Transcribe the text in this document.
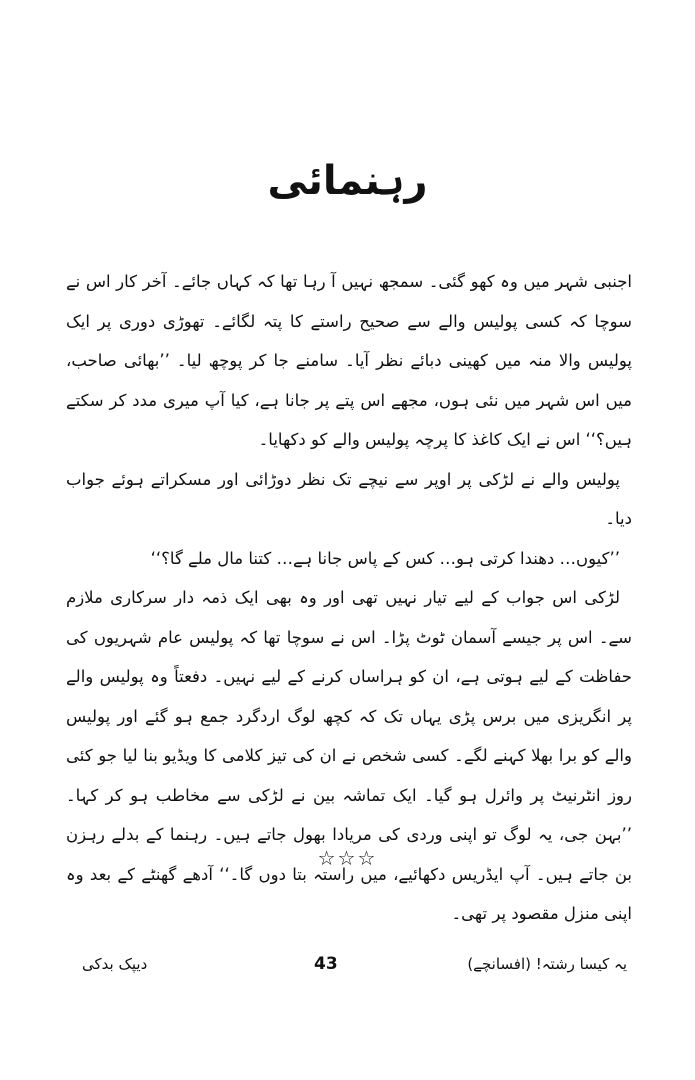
رہنمائی

اجنبی شہر میں وہ کھو گئی۔ سمجھ نہیں آ رہا تھا کہ کہاں جائے۔ آخر کار اس نے سوچا کہ کسی پولیس والے سے صحیح راستے کا پتہ لگائے۔ تھوڑی دوری پر ایک پولیس والا منہ میں کھینی دبائے نظر آیا۔ سامنے جا کر پوچھ لیا۔ ’’بھائی صاحب، میں اس شہر میں نئی ہوں، مجھے اس پتے پر جانا ہے، کیا آپ میری مدد کر سکتے ہیں؟‘‘ اس نے ایک کاغذ کا پرچہ پولیس والے کو دکھایا۔

پولیس والے نے لڑکی پر اوپر سے نیچے تک نظر دوڑائی اور مسکراتے ہوئے جواب دیا۔

’’کیوں… دھندا کرتی ہو… کس کے پاس جانا ہے… کتنا مال ملے گا؟‘‘

لڑکی اس جواب کے لیے تیار نہیں تھی اور وہ بھی ایک ذمہ دار سرکاری ملازم سے۔ اس پر جیسے آسمان ٹوٹ پڑا۔ اس نے سوچا تھا کہ پولیس عام شہریوں کی حفاظت کے لیے ہوتی ہے، ان کو ہراساں کرنے کے لیے نہیں۔ دفعتاً وہ پولیس والے پر انگریزی میں برس پڑی یہاں تک کہ کچھ لوگ اردگرد جمع ہو گئے اور پولیس والے کو برا بھلا کہنے لگے۔ کسی شخص نے ان کی تیز کلامی کا ویڈیو بنا لیا جو کئی روز انٹرنیٹ پر وائرل ہو گیا۔ ایک تماشہ بین نے لڑکی سے مخاطب ہو کر کہا۔ ’’بہن جی، یہ لوگ تو اپنی وردی کی مریادا بھول جاتے ہیں۔ رہنما کے بدلے رہزن بن جاتے ہیں۔ آپ ایڈریس دکھائیے، میں راستہ بتا دوں گا۔‘‘ آدھے گھنٹے کے بعد وہ اپنی منزل مقصود پر تھی۔

☆☆☆
دیپک بدکی	43	یہ کیسا رشتہ! (افسانچے)
